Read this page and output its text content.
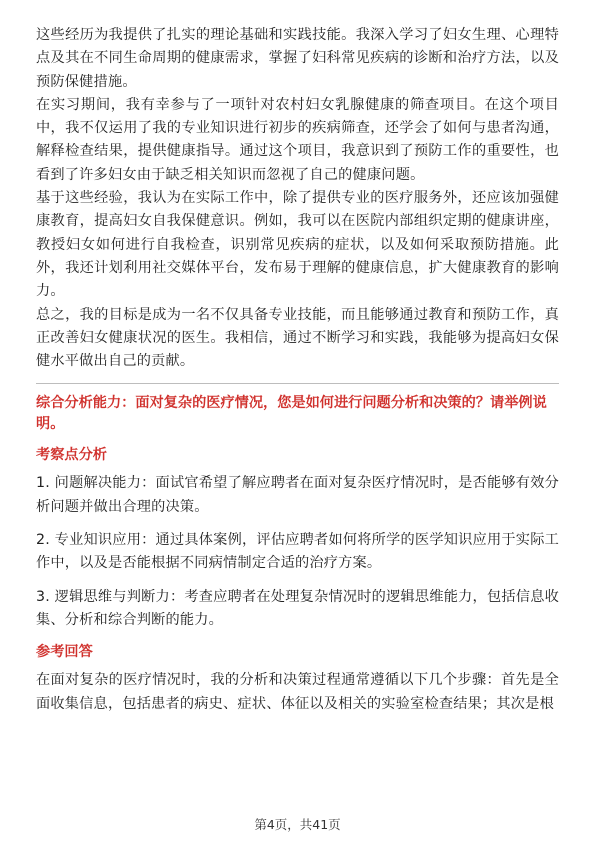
这些经历为我提供了扎实的理论基础和实践技能。我深入学习了妇女生理、心理特点及其在不同生命周期的健康需求，掌握了妇科常见疾病的诊断和治疗方法，以及预防保健措施。

在实习期间，我有幸参与了一项针对农村妇女乳腺健康的筛查项目。在这个项目中，我不仅运用了我的专业知识进行初步的疾病筛查，还学会了如何与患者沟通，解释检查结果，提供健康指导。通过这个项目，我意识到了预防工作的重要性，也看到了许多妇女由于缺乏相关知识而忽视了自己的健康问题。

基于这些经验，我认为在实际工作中，除了提供专业的医疗服务外，还应该加强健康教育，提高妇女自我保健意识。例如，我可以在医院内部组织定期的健康讲座，教授妇女如何进行自我检查，识别常见疾病的症状，以及如何采取预防措施。此外，我还计划利用社交媒体平台，发布易于理解的健康信息，扩大健康教育的影响力。

总之，我的目标是成为一名不仅具备专业技能，而且能够通过教育和预防工作，真正改善妇女健康状况的医生。我相信，通过不断学习和实践，我能够为提高妇女保健水平做出自己的贡献。

综合分析能力：面对复杂的医疗情况，您是如何进行问题分析和决策的？请举例说明。

考察点分析

1. 问题解决能力：面试官希望了解应聘者在面对复杂医疗情况时，是否能够有效分析问题并做出合理的决策。

2. 专业知识应用：通过具体案例，评估应聘者如何将所学的医学知识应用于实际工作中，以及是否能根据不同病情制定合适的治疗方案。

3. 逻辑思维与判断力：考查应聘者在处理复杂情况时的逻辑思维能力，包括信息收集、分析和综合判断的能力。

参考回答

在面对复杂的医疗情况时，我的分析和决策过程通常遵循以下几个步骤：首先是全面收集信息，包括患者的病史、症状、体征以及相关的实验室检查结果；其次是根

第4页，共41页
